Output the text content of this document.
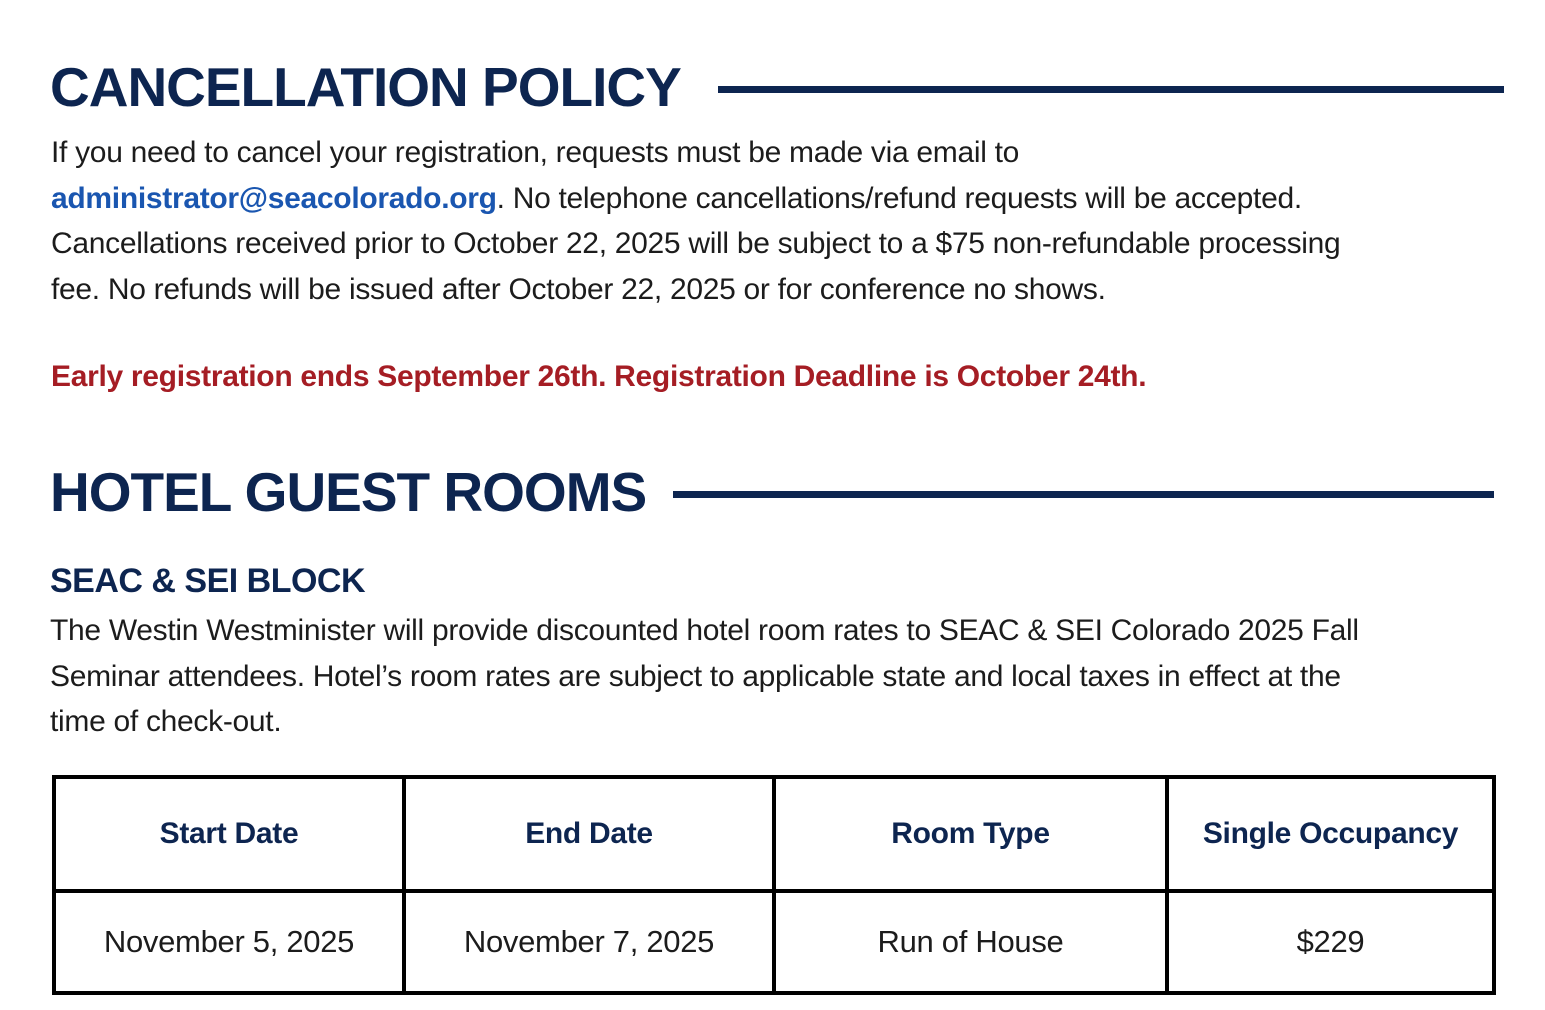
CANCELLATION POLICY
If you need to cancel your registration, requests must be made via email to
administrator@seacolorado.org. No telephone cancellations/refund requests will be accepted.
Cancellations received prior to October 22, 2025 will be subject to a $75 non-refundable processing
fee. No refunds will be issued after October 22, 2025 or for conference no shows.
Early registration ends September 26th. Registration Deadline is October 24th.
HOTEL GUEST ROOMS
SEAC & SEI BLOCK
The Westin Westminister will provide discounted hotel room rates to SEAC & SEI Colorado 2025 Fall
Seminar attendees. Hotel’s room rates are subject to applicable state and local taxes in effect at the
time of check-out.
Start Date	End Date	Room Type	Single Occupancy
November 5, 2025	November 7, 2025	Run of House	$229
